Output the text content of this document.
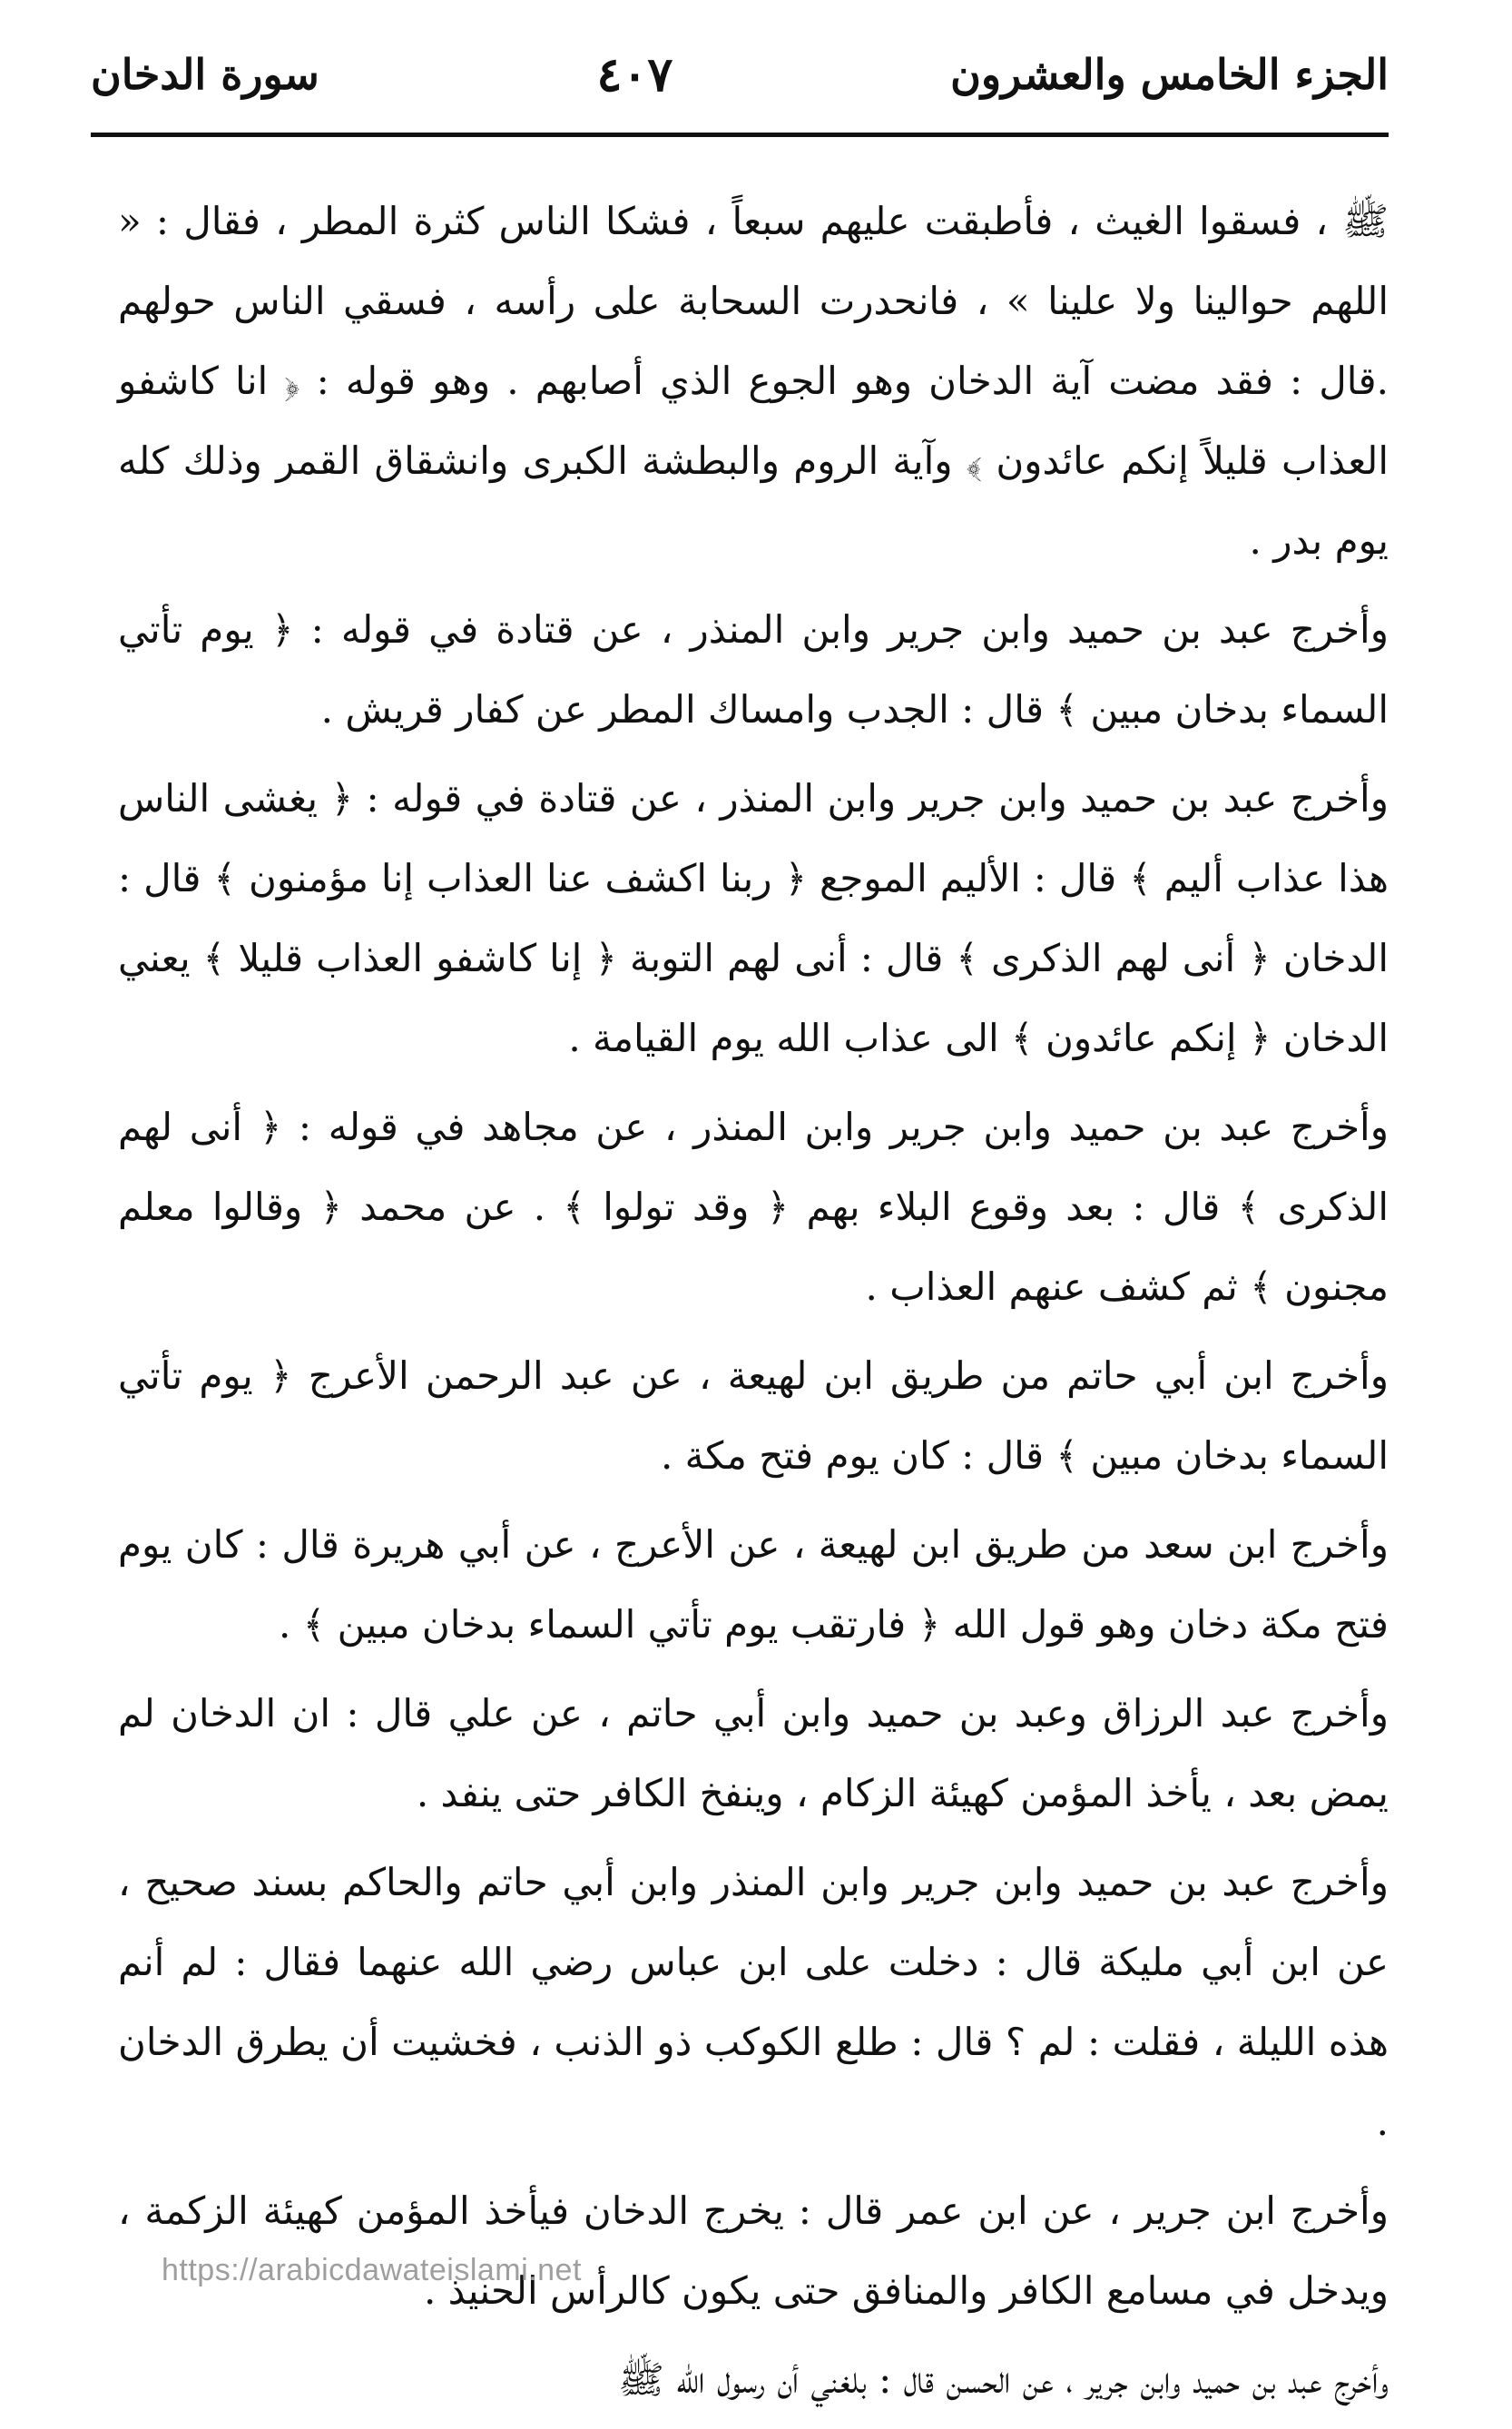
الجزء الخامس والعشرون
٤٠٧
سورة الدخان

ﷺ ، فسقوا الغيث ، فأطبقت عليهم سبعاً ، فشكا الناس كثرة المطر ، فقال : « اللهم حوالينا ولا علينا » ، فانحدرت السحابة على رأسه ، فسقي الناس حولهم .قال : فقد مضت آية الدخان وهو الجوع الذي أصابهم . وهو قوله : ﴿ انا كاشفو العذاب قليلاً إنكم عائدون ﴾ وآية الروم والبطشة الكبرى وانشقاق القمر وذلك كله يوم بدر .

وأخرج عبد بن حميد وابن جرير وابن المنذر ، عن قتادة في قوله : ﴿ يوم تأتي السماء بدخان مبين ﴾ قال : الجدب وامساك المطر عن كفار قريش .

وأخرج عبد بن حميد وابن جرير وابن المنذر ، عن قتادة في قوله : ﴿ يغشى الناس هذا عذاب أليم ﴾ قال : الأليم الموجع ﴿ ربنا اكشف عنا العذاب إنا مؤمنون ﴾ قال : الدخان ﴿ أنى لهم الذكرى ﴾ قال : أنى لهم التوبة ﴿ إنا كاشفو العذاب قليلا ﴾ يعني الدخان ﴿ إنكم عائدون ﴾ الى عذاب الله يوم القيامة .

وأخرج عبد بن حميد وابن جرير وابن المنذر ، عن مجاهد في قوله : ﴿ أنى لهم الذكرى ﴾ قال : بعد وقوع البلاء بهم ﴿ وقد تولوا ﴾ . عن محمد ﴿ وقالوا معلم مجنون ﴾ ثم كشف عنهم العذاب .

وأخرج ابن أبي حاتم من طريق ابن لهيعة ، عن عبد الرحمن الأعرج ﴿ يوم تأتي السماء بدخان مبين ﴾ قال : كان يوم فتح مكة .

وأخرج ابن سعد من طريق ابن لهيعة ، عن الأعرج ، عن أبي هريرة قال : كان يوم فتح مكة دخان وهو قول الله ﴿ فارتقب يوم تأتي السماء بدخان مبين ﴾ .

وأخرج عبد الرزاق وعبد بن حميد وابن أبي حاتم ، عن علي قال : ان الدخان لم يمض بعد ، يأخذ المؤمن كهيئة الزكام ، وينفخ الكافر حتى ينفد .

وأخرج عبد بن حميد وابن جرير وابن المنذر وابن أبي حاتم والحاكم بسند صحيح ، عن ابن أبي مليكة قال : دخلت على ابن عباس رضي الله عنهما فقال : لم أنم هذه الليلة ، فقلت : لم ؟ قال : طلع الكوكب ذو الذنب ، فخشيت أن يطرق الدخان .

وأخرج ابن جرير ، عن ابن عمر قال : يخرج الدخان فيأخذ المؤمن كهيئة الزكمة ، ويدخل في مسامع الكافر والمنافق حتى يكون كالرأس الحنيذ .

وأخرج عبد بن حميد وابن جرير ، عن الحسن قال : بلغني أن رسول الله ﷺ

https://arabicdawateislami.net
